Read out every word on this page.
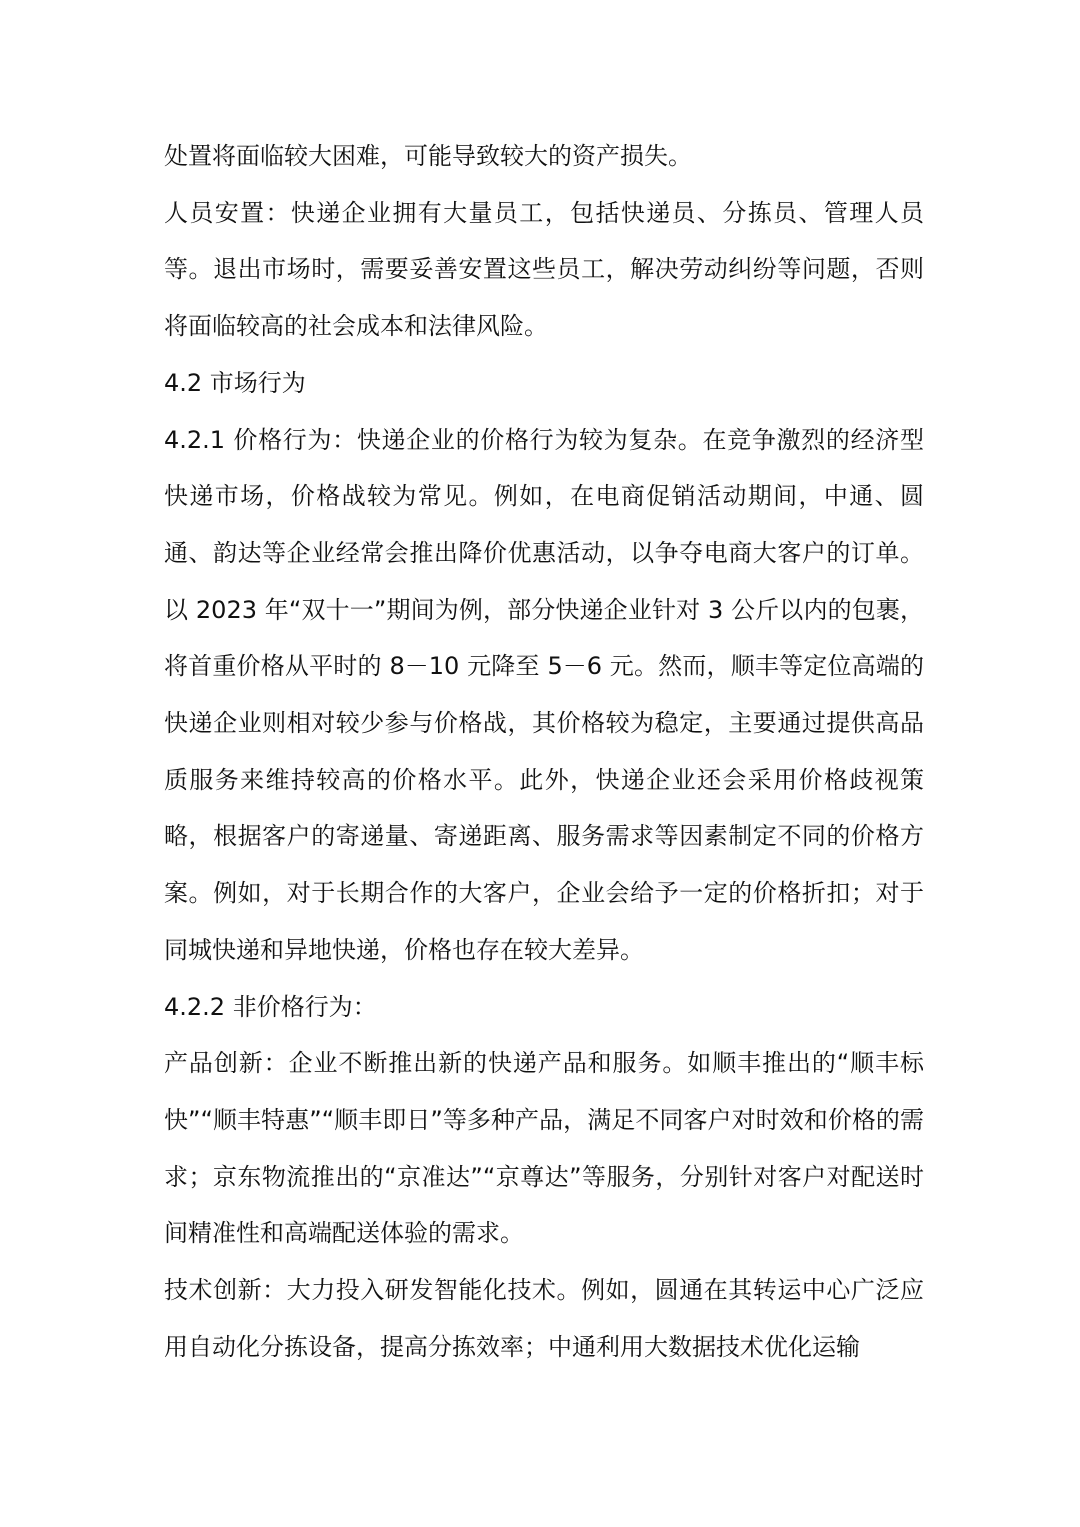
处置将面临较大困难，可能导致较大的资产损失。

人员安置：快递企业拥有大量员工，包括快递员、分拣员、管理人员等。退出市场时，需要妥善安置这些员工，解决劳动纠纷等问题，否则将面临较高的社会成本和法律风险。

4.2 市场行为

4.2.1 价格行为：快递企业的价格行为较为复杂。在竞争激烈的经济型快递市场，价格战较为常见。例如，在电商促销活动期间，中通、圆通、韵达等企业经常会推出降价优惠活动，以争夺电商大客户的订单。以 2023 年“双十一”期间为例，部分快递企业针对 3 公斤以内的包裹，将首重价格从平时的 8－10 元降至 5－6 元。然而，顺丰等定位高端的快递企业则相对较少参与价格战，其价格较为稳定，主要通过提供高品质服务来维持较高的价格水平。此外，快递企业还会采用价格歧视策略，根据客户的寄递量、寄递距离、服务需求等因素制定不同的价格方案。例如，对于长期合作的大客户，企业会给予一定的价格折扣；对于同城快递和异地快递，价格也存在较大差异。

4.2.2 非价格行为：

产品创新：企业不断推出新的快递产品和服务。如顺丰推出的“顺丰标快”“顺丰特惠”“顺丰即日”等多种产品，满足不同客户对时效和价格的需求；京东物流推出的“京准达”“京尊达”等服务，分别针对客户对配送时间精准性和高端配送体验的需求。

技术创新：大力投入研发智能化技术。例如，圆通在其转运中心广泛应用自动化分拣设备，提高分拣效率；中通利用大数据技术优化运输
